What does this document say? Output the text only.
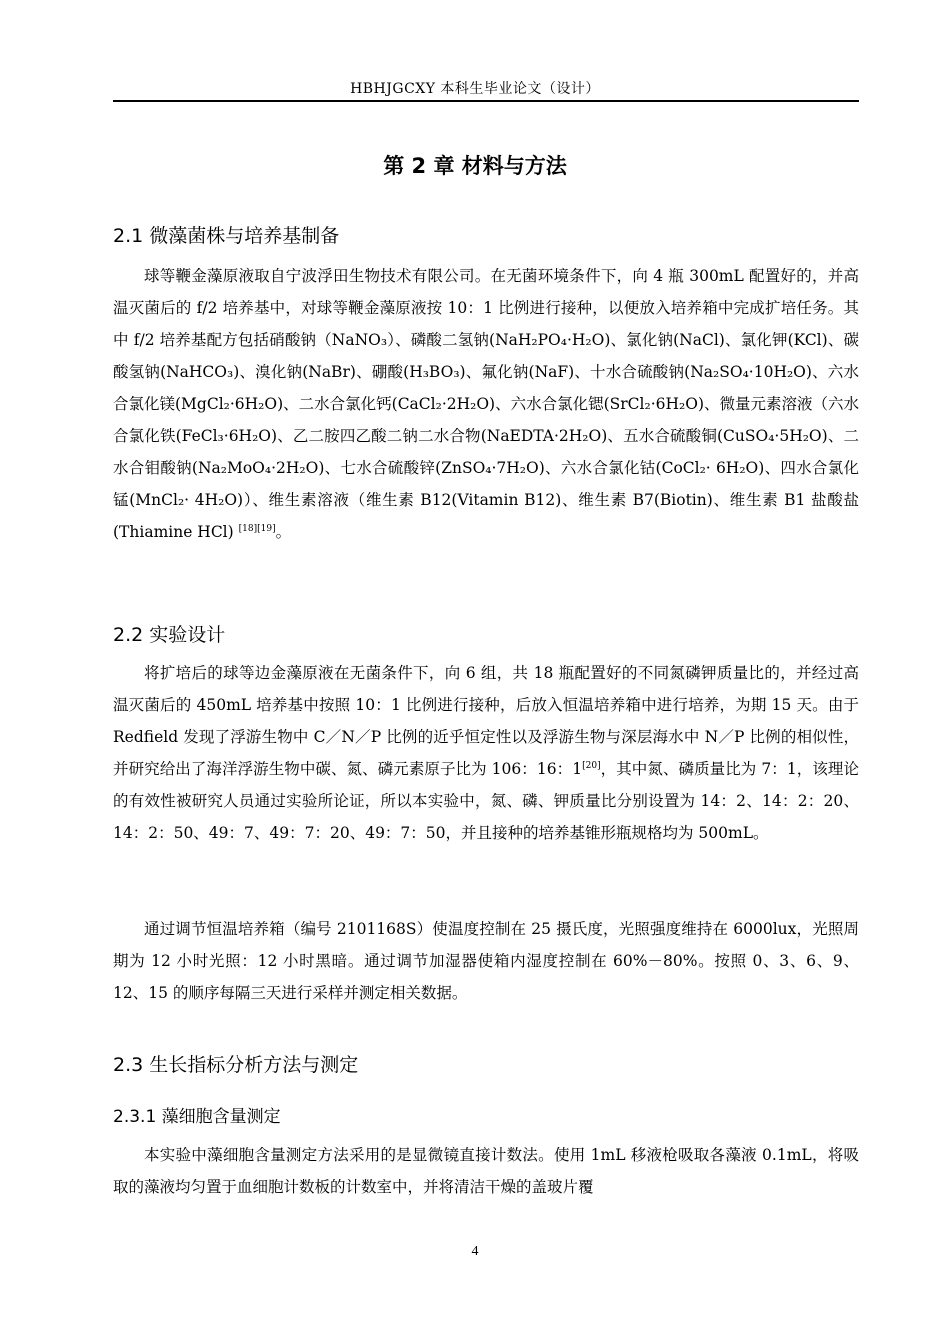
HBHJGCXY 本科生毕业论文（设计）
第 2 章 材料与方法
2.1 微藻菌株与培养基制备

球等鞭金藻原液取自宁波浮田生物技术有限公司。在无菌环境条件下，向 4 瓶 300mL 配置好的，并高温灭菌后的 f/2 培养基中，对球等鞭金藻原液按 10：1 比例进行接种，以便放入培养箱中完成扩培任务。其中 f/2 培养基配方包括硝酸钠（NaNO₃）、磷酸二氢钠(NaH₂PO₄·H₂O)、氯化钠(NaCl)、氯化钾(KCl)、碳酸氢钠(NaHCO₃)、溴化钠(NaBr)、硼酸(H₃BO₃)、氟化钠(NaF)、十水合硫酸钠(Na₂SO₄·10H₂O)、六水合氯化镁(MgCl₂·6H₂O)、二水合氯化钙(CaCl₂·2H₂O)、六水合氯化锶(SrCl₂·6H₂O)、微量元素溶液（六水合氯化铁(FeCl₃·6H₂O)、乙二胺四乙酸二钠二水合物(NaEDTA·2H₂O)、五水合硫酸铜(CuSO₄·5H₂O)、二水合钼酸钠(Na₂MoO₄·2H₂O)、七水合硫酸锌(ZnSO₄·7H₂O)、六水合氯化钴(CoCl₂· 6H₂O)、四水合氯化锰(MnCl₂· 4H₂O)）、维生素溶液（维生素 B12(Vitamin B12)、维生素 B7(Biotin)、维生素 B1 盐酸盐(Thiamine HCl) [18][19]。

2.2 实验设计

将扩培后的球等边金藻原液在无菌条件下，向 6 组，共 18 瓶配置好的不同氮磷钾质量比的，并经过高温灭菌后的 450mL 培养基中按照 10：1 比例进行接种，后放入恒温培养箱中进行培养，为期 15 天。由于 Redfield 发现了浮游生物中 C／N／P 比例的近乎恒定性以及浮游生物与深层海水中 N／P 比例的相似性，并研究给出了海洋浮游生物中碳、氮、磷元素原子比为 106：16：1[20]，其中氮、磷质量比为 7：1，该理论的有效性被研究人员通过实验所论证，所以本实验中，氮、磷、钾质量比分别设置为 14：2、14：2：20、14：2：50、49：7、49：7：20、49：7：50，并且接种的培养基锥形瓶规格均为 500mL。

通过调节恒温培养箱（编号 2101168S）使温度控制在 25 摄氏度，光照强度维持在 6000lux，光照周期为 12 小时光照：12 小时黑暗。通过调节加湿器使箱内湿度控制在 60%－80%。按照 0、3、6、9、12、15 的顺序每隔三天进行采样并测定相关数据。

2.3 生长指标分析方法与测定
2.3.1 藻细胞含量测定

本实验中藻细胞含量测定方法采用的是显微镜直接计数法。使用 1mL 移液枪吸取各藻液 0.1mL，将吸取的藻液均匀置于血细胞计数板的计数室中，并将清洁干燥的盖玻片覆

4
